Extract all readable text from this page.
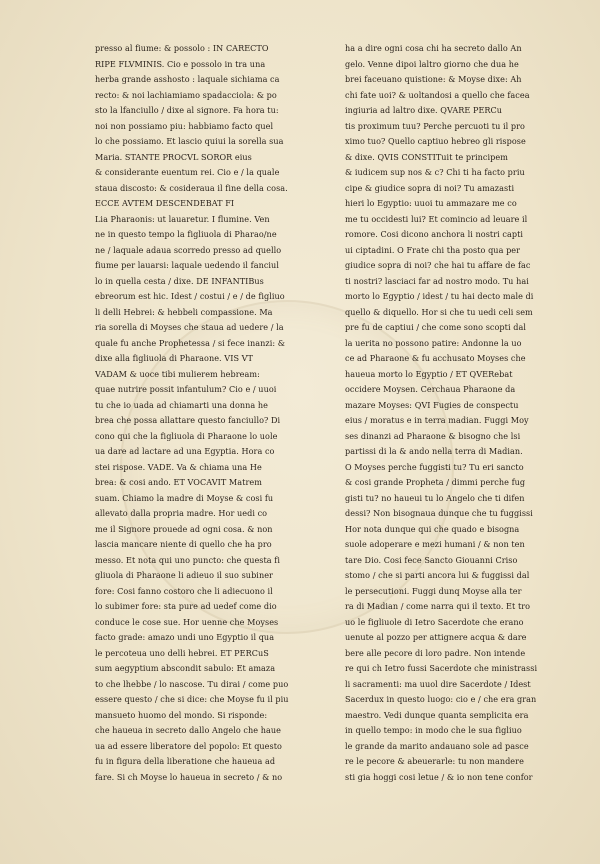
presso al fiume: & possolo : IN CARECTO
RIPE FLVMINIS. Cio e possolo in tra una
herba grande asshosto : laquale sichiama ca
recto: & noi lachiamiamo spadacciola: & po
sto la lfanciullo / dixe al signore. Fa hora tu:
noi non possiamo piu: habbiamo facto quel
lo che possiamo. Et lascio quiui la sorella sua
Maria. STANTE PROCVL SOROR eius
& considerante euentum rei. Cio e / la quale
staua discosto: & cosideraua il fine della cosa.
ECCE AVTEM DESCENDEBAT FI
Lia Pharaonis: ut lauaretur. I flumine. Ven
ne in questo tempo la figliuola di Pharao/ne
ne / laquale adaua scorredo presso ad quello
fiume per lauarsi: laquale uedendo il fanciul
lo in quella cesta / dixe. DE INFANTIBus
ebreorum est hic. Idest / costui / e / de figliuo
li delli Hebrei: & hebbeli compassione. Ma
ria sorella di Moyses che staua ad uedere / la
quale fu anche Prophetessa / si fece inanzi: &
dixe alla figliuola di Pharaone. VIS VT
VADAM & uoce tibi mulierem hebream:
quae nutrire possit infantulum? Cio e / uuoi
tu che io uada ad chiamarti una donna he
brea che possa allattare questo fanciullo? Di
cono qui che la figliuola di Pharaone lo uole
ua dare ad lactare ad una Egyptia. Hora co
stei rispose. VADE. Va & chiama una He
brea: & cosi ando. ET VOCAVIT Matrem
suam. Chiamo la madre di Moyse & cosi fu
allevato dalla propria madre. Hor uedi co
me il Signore prouede ad ogni cosa. & non
lascia mancare niente di quello che ha pro
messo. Et nota qui uno puncto: che questa fi
gliuola di Pharaone li adieuo il suo subiner
fore: Cosi fanno costoro che li adiecuono il
lo subimer fore: sta pure ad uedef come dio
conduce le cose sue. Hor uenne che Moyses
facto grade: amazo undi uno Egyptio il qua
le percoteua uno delli hebrei. ET PERCuS
sum aegyptium abscondit sabulo: Et amaza
to che lhebbe / lo nascose. Tu dirai / come puo
essere questo / che si dice: che Moyse fu il piu
mansueto huomo del mondo. Si risponde:
che haueua in secreto dallo Angelo che haue
ua ad essere liberatore del popolo: Et questo
fu in figura della liberatione che haueua ad
fare. Si ch Moyse lo haueua in secreto / & no
ha a dire ogni cosa chi ha secreto dallo An
gelo. Venne dipoi laltro giorno che dua he
brei faceuano quistione: & Moyse dixe: Ah
chi fate uoi? & uoltandosi a quello che facea
ingiuria ad laltro dixe. QVARE PERCu
tis proximum tuu? Perche percuoti tu il pro
ximo tuo? Quello captiuo hebreo gli rispose
& dixe. QVIS CONSTITuit te principem
& iudicem sup nos & c? Chi ti ha facto priu
cipe & giudice sopra di noi? Tu amazasti
hieri lo Egyptio: uuoi tu ammazare me co
me tu occidesti lui? Et comincio ad leuare il
romore. Cosi dicono anchora li nostri capti
ui ciptadini. O Frate chi tha posto qua per
giudice sopra di noi? che hai tu affare de fac
ti nostri? lasciaci far ad nostro modo. Tu hai
morto lo Egyptio / idest / tu hai decto male di
quello & diquello. Hor si che tu uedi celi sem
pre fu de captiui / che come sono scopti dal
la uerita no possono patire: Andonne la uo
ce ad Pharaone & fu acchusato Moyses che
haueua morto lo Egyptio / ET QVERebat
occidere Moysen. Cerchaua Pharaone da
mazare Moyses: QVI Fugies de conspectu
eius / moratus e in terra madian. Fuggi Moy
ses dinanzi ad Pharaone & bisogno che lsi
partissi di la & ando nella terra di Madian.
O Moyses perche fuggisti tu? Tu eri sancto
& cosi grande Propheta / dimmi perche fug
gisti tu? no haueui tu lo Angelo che ti difen
dessi? Non bisognaua dunque che tu fuggissi
Hor nota dunque qui che quado e bisogna
suole adoperare e mezi humani / & non ten
tare Dio. Cosi fece Sancto Giouanni Criso
stomo / che si parti ancora lui & fuggissi dal
le persecutioni. Fuggi dunq Moyse alla ter
ra di Madian / come narra qui il texto. Et tro
uo le figliuole di Ietro Sacerdote che erano
uenute al pozzo per attignere acqua & dare
bere alle pecore di loro padre. Non intende
re qui ch Ietro fussi Sacerdote che ministrassi
li sacramenti: ma uuol dire Sacerdote / Idest
Sacerdux in questo luogo: cio e / che era gran
maestro. Vedi dunque quanta semplicita era
in quello tempo: in modo che le sua figliuo
le grande da marito andauano sole ad pasce
re le pecore & abeuerarle: tu non mandere
sti gia hoggi cosi letue / & io non tene confor
